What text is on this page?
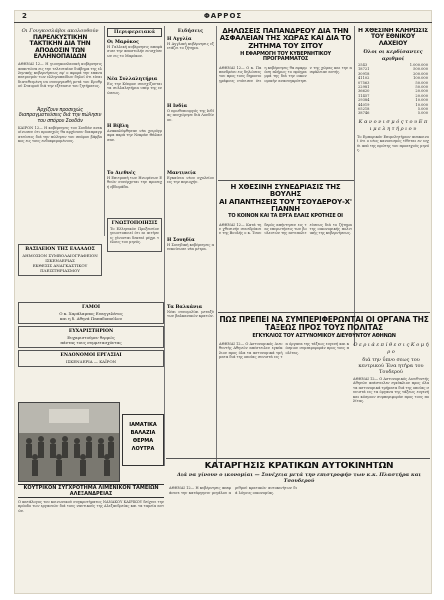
2	ΦΑΡΡΟΣ
Οι Γουγκοσλάβοι ακολουθούν
ΠΑΡΕΛΚΥΣΤΙΚΗΝ ΤΑΚΤΙΚΗΝ ΔΙΑ ΤΗΝ ΑΠΟΔΟΣΙΝ ΤΩΝ ΕΛΛΗΝΟΠΑΙΔΩΝ
ΑΘΗΝΑΙ 12— Η γιουγκοσλαυική κυβέρνησις απαντώσα εις την τελευταίαν διάβημα της ελληνικής κυβερνήσεως εφ' ο αφορά την επαναπατρισμόν των ελληνοπαίδων δηλοί ότι είναι διατεθειμένη να συνεργασθή μετά του Ερυθρού Σταυρού διά την εξέτασιν του ζητήματος.
Άρχίζουν προσεχώς διαπραγματεύσεις διά την πώλησιν του σπόρου Σουδάν
ΚΑΙΡΟΝ 12— Η κυβέρνησις του Σουδάν ανεκοίνωσεν ότι προσεχώς θα αρχίσουν διαπραγματεύσεις διά την πώλησιν του σπόρου βάμβακος εις τους ενδιαφερομένους.
ΒΑΣΙΛΕΙΟΝ ΤΗΣ ΕΛΛΑΔΟΣ
ΔΗΜΟΣΙΟΝ ΣΥΜΒΟΛΑΙΟΓΡΑΦΕΙΟΝ
ΙΣΚΕΝΔΕΡΙΑΣ
ΕΚΘΕΣΙΣ ΑΝΑΓΚΑΣΤΙΚΟΥ ΠΛΕΙΣΤΗΡΙΑΣΜΟΥ
ΓΑΜΟΙ
Ο κ. Χαράλαμπος Ευαγγελάτος
και η δ. Αθηνά Παπαδοπούλου
ΕΥΧΑΡΙΣΤΗΡΙΟΝ
Ευχαριστούμεν θερμώς
πάντας τους συμμετασχόντας
ΕΝΔΟΝΟΜΟΙ ΕΡΓΑΣΙΑΙ
ΙΣΚΕΝΔΕΡΙΑ — ΚΑΪΡΟΝ
Περιφερειακά
Οι Μαρόκος
Η Γαλλική κυβέρνησις απεφάσισε την αποστολήν ενισχύσεων εις το Μαρόκον.
Νέα Συλλαλητήρια
Εις την Κύπρον συνεχίζονται τα συλλαλητήρια υπέρ της ενώσεως.
Η Βίβλη
Ανακαλύφθησαν νέα χειρόγραφα παρά την Νεκράν Θάλασσαν.
Το Διεθνές
Η Επιτροπή των Ηνωμένων Εθνών συνέρχεται την προσεχή εβδομάδα.
ΓΝΩΣΤΟΠΟΙΗΣΙΣ
Το Ελληνικόν Προξενείον γνωστοποιεί ότι αι αιτήσεις γίνονται δεκταί μέχρι τέλους του μηνός.
Ειδήσεις
Η Αγγλία
Η Αγγλική κυβέρνησις εξετάζει το ζήτημα.
Η Ινδία
Ο πρωθυπουργός της Ινδίας ανεχώρησε διά Λονδίνον.
Μαντινεία
Εγκαίνια νέου σχολείου εις την περιοχήν.
Η Σουηδία
Η Σουηδική κυβέρνησις ανεκοίνωσε νέα μέτρα.
Τα Βαλκάνια
Νέαι συνομιλίαι μεταξύ των βαλκανικών κρατών.
ΔΗΛΩΣΕΙΣ ΠΑΠΑΝΔΡΕΟΥ ΔΙΑ ΤΗΝ ΑΣΦΑΛΕΙΑΝ ΤΗΣ ΧΩΡΑΣ ΚΑΙ ΔΙΑ ΤΟ ΖΗΤΗΜΑ ΤΟΥ ΣΙΤΟΥ
Η ΕΦΑΡΜΟΓΗ ΤΟΥ ΚΥΒΕΡΝΗΤΙΚΟΥ ΠΡΟΓΡΑΜΜΑΤΟΣ
ΑΘΗΝΑΙ 12— Ο κ. Παπανδρέου εις δηλώσεις του προς τους δημοσιογράφους ετόνισεν ότι η κυβέρνησις θα εφαρμόση πλήρως το πρόγραμμά της διά την οικονομικήν ανασυγκρότησιν της χώρας και την ασφάλειαν αυτής.
Η ΧΘΕΣΙΝΗ ΚΛΗΡΩΣΙΣ ΤΟΥ ΕΘΝΙΚΟΥ ΛΑΧΕΙΟΥ
Όλοι οι κερδίσαντες αριθμοί
2543	1.000.000
18721	500.000
30918	200.000
41102	100.000
07563	50.000
22981	50.000
36620	20.000
11457	20.000
29384	10.000
44019	10.000
05218	5.000
38746	5.000
Κ α ν ο ν ι σ μ ό ς τ ο υ Ε π ι μ ε λ η τ ή ρ ι ο υ
Το Εμπορικόν Επιμελητήριον ανακοινοί ότι ο νέος κανονισμός τίθεται εν ισχύι από της πρώτης του προσεχούς μηνός.
Η ΧΘΕΣΙΝΗ ΣΥΝΕΔΡΙΑΣΙΣ ΤΗΣ ΒΟΥΛΗΣ
ΑΙ ΑΠΑΝΤΗΣΕΙΣ ΤΟΥ ΤΣΟΥΔΕΡΟΥ-Χ' ΓΙΑΝΝΗ
ΤΟ ΚΟΙΝΟΝ ΚΑΙ ΤΑ ΕΡΓΑ ΕΛΑΙΣ ΚΡΟΤΗΣΕ ΟΙ
ΑΘΗΝΑΙ 12— Κατά την χθεσινήν συνεδρίασιν της Βουλής ο κ. Τσουδερός απήντησεν εις τας επερωτήσεις των βουλευτών της αντιπολιτεύσεως διά το ζήτημα της οικονομικής πολιτικής της κυβερνήσεως.
ΠΩΣ ΠΡΕΠΕΙ ΝΑ ΣΥΜΠΕΡΙΦΕΡΩΝΤΑΙ ΟΙ ΟΡΓΑΝΑ ΤΗΣ ΤΑΞΕΩΣ ΠΡΟΣ ΤΟΥΣ ΠΟΛΙΤΑΣ
ΕΓΚΥΚΛΙΟΣ ΤΟΥ ΑΣΤΥΝΟΜΙΚΟΥ ΔΙΕΥΘΥΝΤΟΥ ΑΘΗΝΩΝ
ΑΘΗΝΑΙ 12— Ο Αστυνομικός Διευθυντής Αθηνών απέστειλεν εγκύκλιον προς όλα τα αστυνομικά τμήματα διά της οποίας συνιστά εις τα όργανα της τάξεως ευγενή και κόσμιον συμπεριφοράν προς τους πολίτας.
Ο ε ρ ι ά ε π ί θ ε σ ι ς Κ ο μ ή ρ ο
διά την ΰπνο σεως του κεντρικού Ένα ητήρα του Τουδερού
ΑΘΗΝΑΙ 12— Ο Αστυνομικός Διευθυντής Αθηνών απέστειλεν εγκύκλιον προς όλα τα αστυνομικά τμήματα διά της οποίας συνιστά εις τα όργανα της τάξεως ευγενή και κόσμιον συμπεριφοράν προς τους πολίτας.
ΙΑΜΑΤΙΚΑ
ΒΑΛΑΖΙΑ
ΘΕΡΜΑ
ΛΟΥΤΡΑ
ΚΟΥΤΡΙΚΟΝ ΣΥΓΧΡΟΤΗΜΑ ΛΙΜΕΝΙΚΟΝ ΤΑΜΕΙΩΝ ΑΛΕΞΑΝΔΡΕΙΑΣ
Ο κατάλογος του κοινωνικού συγκροτήματος ΝΑΝΑΚΟΥ ΚΑΙΡΙΚΟΥ δείχνει την πρόοδο των εργασιών διά τους ναυτικούς της Αλεξανδρείας και τα ταμεία αυτών.
ΚΑΤΑΡΓΗΣΙΣ ΚΡΑΤΙΚΩΝ ΑΥΤΟΚΙΝΗΤΩΝ
Διά να γίνουν ο ικονομίαι — Συνέχεια μετά την επιστροφήν των κ.κ. Πλαστήρα και Τσουδερού
ΑΘΗΝΑΙ 12— Η κυβέρνησις απεφάσισε την κατάργησιν μεγάλου αριθμού κρατικών αυτοκινήτων διά λόγους οικονομίας.
